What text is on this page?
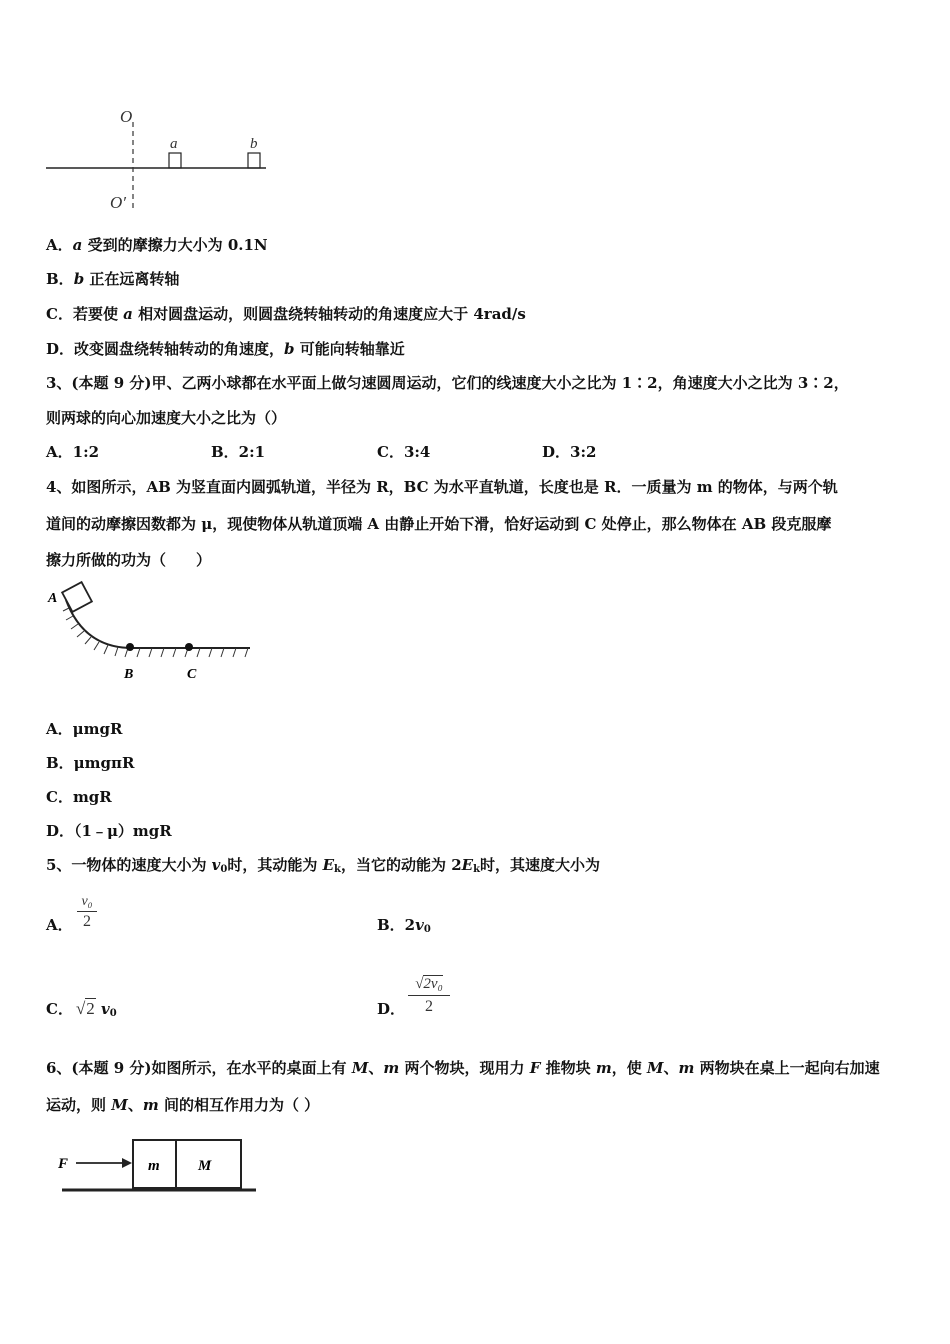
O
O′
a	b
A．a 受到的摩擦力大小为 0.1N
B．b 正在远离转轴
C．若要使 a 相对圆盘运动，则圆盘绕转轴转动的角速度应大于 4rad/s
D．改变圆盘绕转轴转动的角速度，b 可能向转轴靠近
3、(本题 9 分)甲、乙两小球都在水平面上做匀速圆周运动，它们的线速度大小之比为 1∶2，角速度大小之比为 3∶2，
则两球的向心加速度大小之比为（）
A．1:2	B．2:1	C．3:4	D．3:2
4、如图所示，AB 为竖直面内圆弧轨道，半径为 R，BC 为水平直轨道，长度也是 R．一质量为 m 的物体，与两个轨
道间的动摩擦因数都为 μ，现使物体从轨道顶端 A 由静止开始下滑，恰好运动到 C 处停止，那么物体在 AB 段克服摩
擦力所做的功为（　　）
A
B	C
A．μmgR
B．μmgπR
C．mgR
D．（1﹣μ）mgR
5、一物体的速度大小为 $v_0$时，其动能为 $E_k$，当它的动能为 $2E_k$时，其速度大小为
A． $\frac{\text{v₀}}{2}$	B．$2v_0$
C． √2 $v_0$	D． $\frac{\text{√2v₀}}{2}$
6、(本题 9 分)如图所示，在水平的桌面上有 M、m 两个物块，现用力 F 推物块 m，使 M、m 两物块在桌上一起向右加速
运动，则 M、m 间的相互作用力为（ ）
F	m	M
